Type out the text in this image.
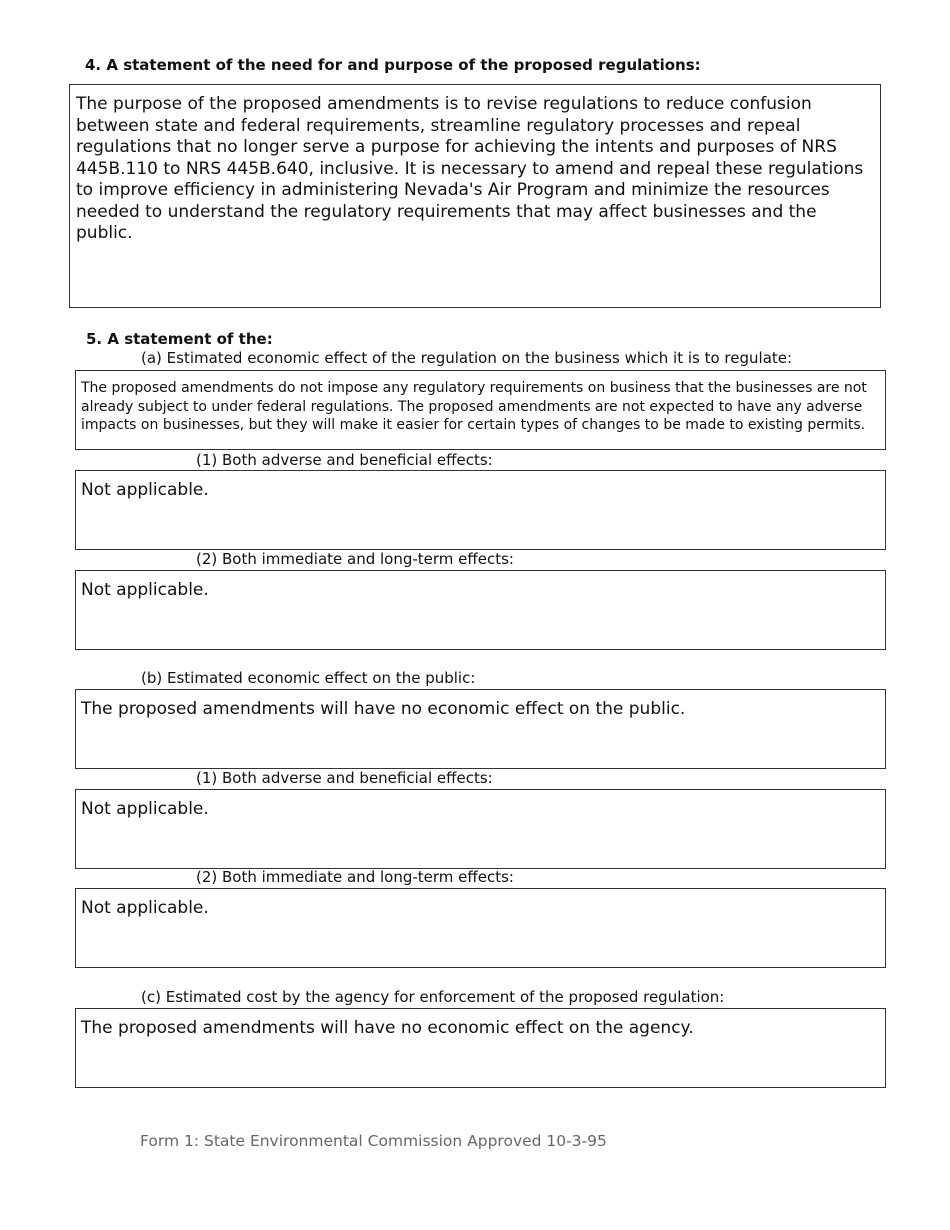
4. A statement of the need for and purpose of the proposed regulations:

The purpose of the proposed amendments is to revise regulations to reduce confusion between state and federal requirements, streamline regulatory processes and repeal regulations that no longer serve a purpose for achieving the intents and purposes of NRS 445B.110 to NRS 445B.640, inclusive. It is necessary to amend and repeal these regulations to improve efficiency in administering Nevada's Air Program and minimize the resources needed to understand the regulatory requirements that may affect businesses and the public.

5. A statement of the:
(a) Estimated economic effect of the regulation on the business which it is to regulate:

The proposed amendments do not impose any regulatory requirements on business that the businesses are not already subject to under federal regulations. The proposed amendments are not expected to have any adverse impacts on businesses, but they will make it easier for certain types of changes to be made to existing permits.

(1) Both adverse and beneficial effects:

Not applicable.

(2) Both immediate and long-term effects:

Not applicable.

(b) Estimated economic effect on the public:

The proposed amendments will have no economic effect on the public.

(1) Both adverse and beneficial effects:

Not applicable.

(2) Both immediate and long-term effects:

Not applicable.

(c) Estimated cost by the agency for enforcement of the proposed regulation:

The proposed amendments will have no economic effect on the agency.

Form 1: State Environmental Commission Approved 10-3-95
